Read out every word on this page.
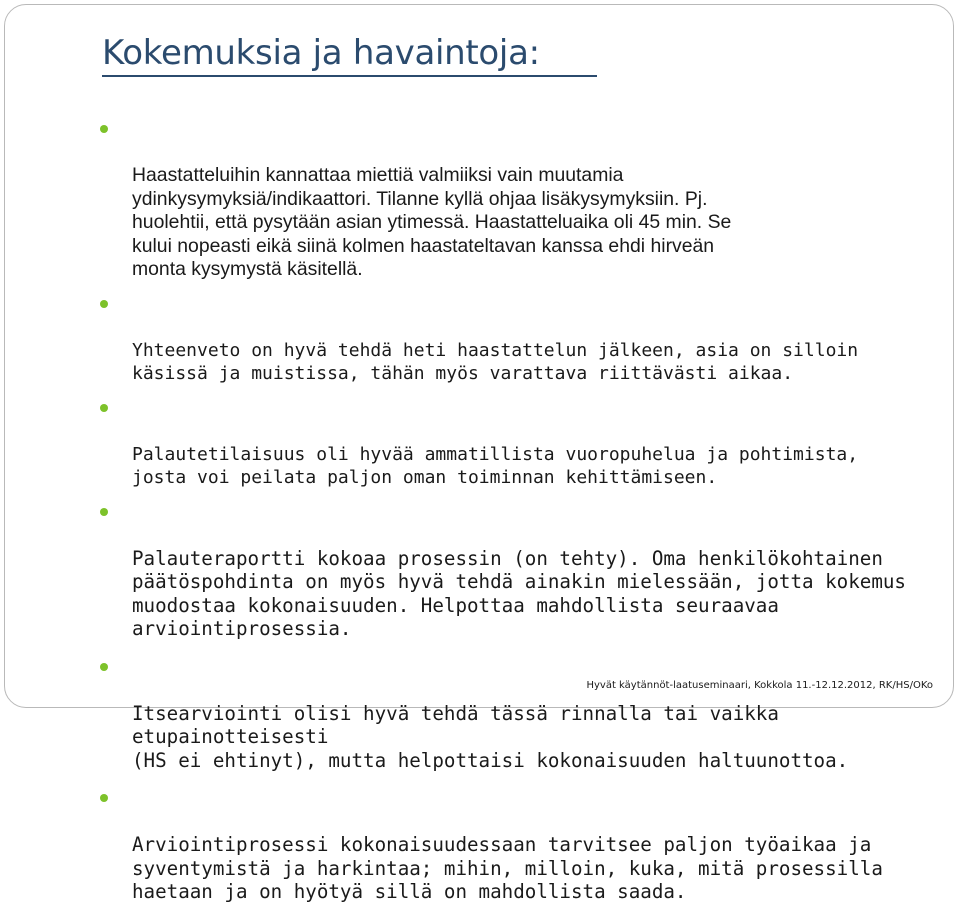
Kokemuksia ja havaintoja:

Haastatteluihin kannattaa miettiä valmiiksi vain muutamia
ydinkysymyksiä/indikaattori. Tilanne kyllä ohjaa lisäkysymyksiin. Pj.
huolehtii, että pysytään asian ytimessä. Haastatteluaika oli 45 min. Se
kului nopeasti eikä siinä kolmen haastateltavan kanssa ehdi hirveän
monta kysymystä käsitellä.

Yhteenveto on hyvä tehdä heti haastattelun jälkeen, asia on silloin
käsissä ja muistissa, tähän myös varattava riittävästi aikaa.

Palautetilaisuus oli hyvää ammatillista vuoropuhelua ja pohtimista,
josta voi peilata paljon oman toiminnan kehittämiseen.

Palauteraportti kokoaa prosessin (on tehty). Oma henkilökohtainen
päätöspohdinta on myös hyvä tehdä ainakin mielessään, jotta kokemus
muodostaa kokonaisuuden. Helpottaa mahdollista seuraavaa
arviointiprosessia.

Itsearviointi olisi hyvä tehdä tässä rinnalla tai vaikka etupainotteisesti
(HS ei ehtinyt), mutta helpottaisi kokonaisuuden haltuunottoa.

Arviointiprosessi kokonaisuudessaan tarvitsee paljon työaikaa ja
syventymistä ja harkintaa; mihin, milloin, kuka, mitä prosessilla
haetaan ja on hyötyä sillä on mahdollista saada.

Hyvät käytännöt-laatuseminaari, Kokkola 11.-12.12.2012, RK/HS/OKo
